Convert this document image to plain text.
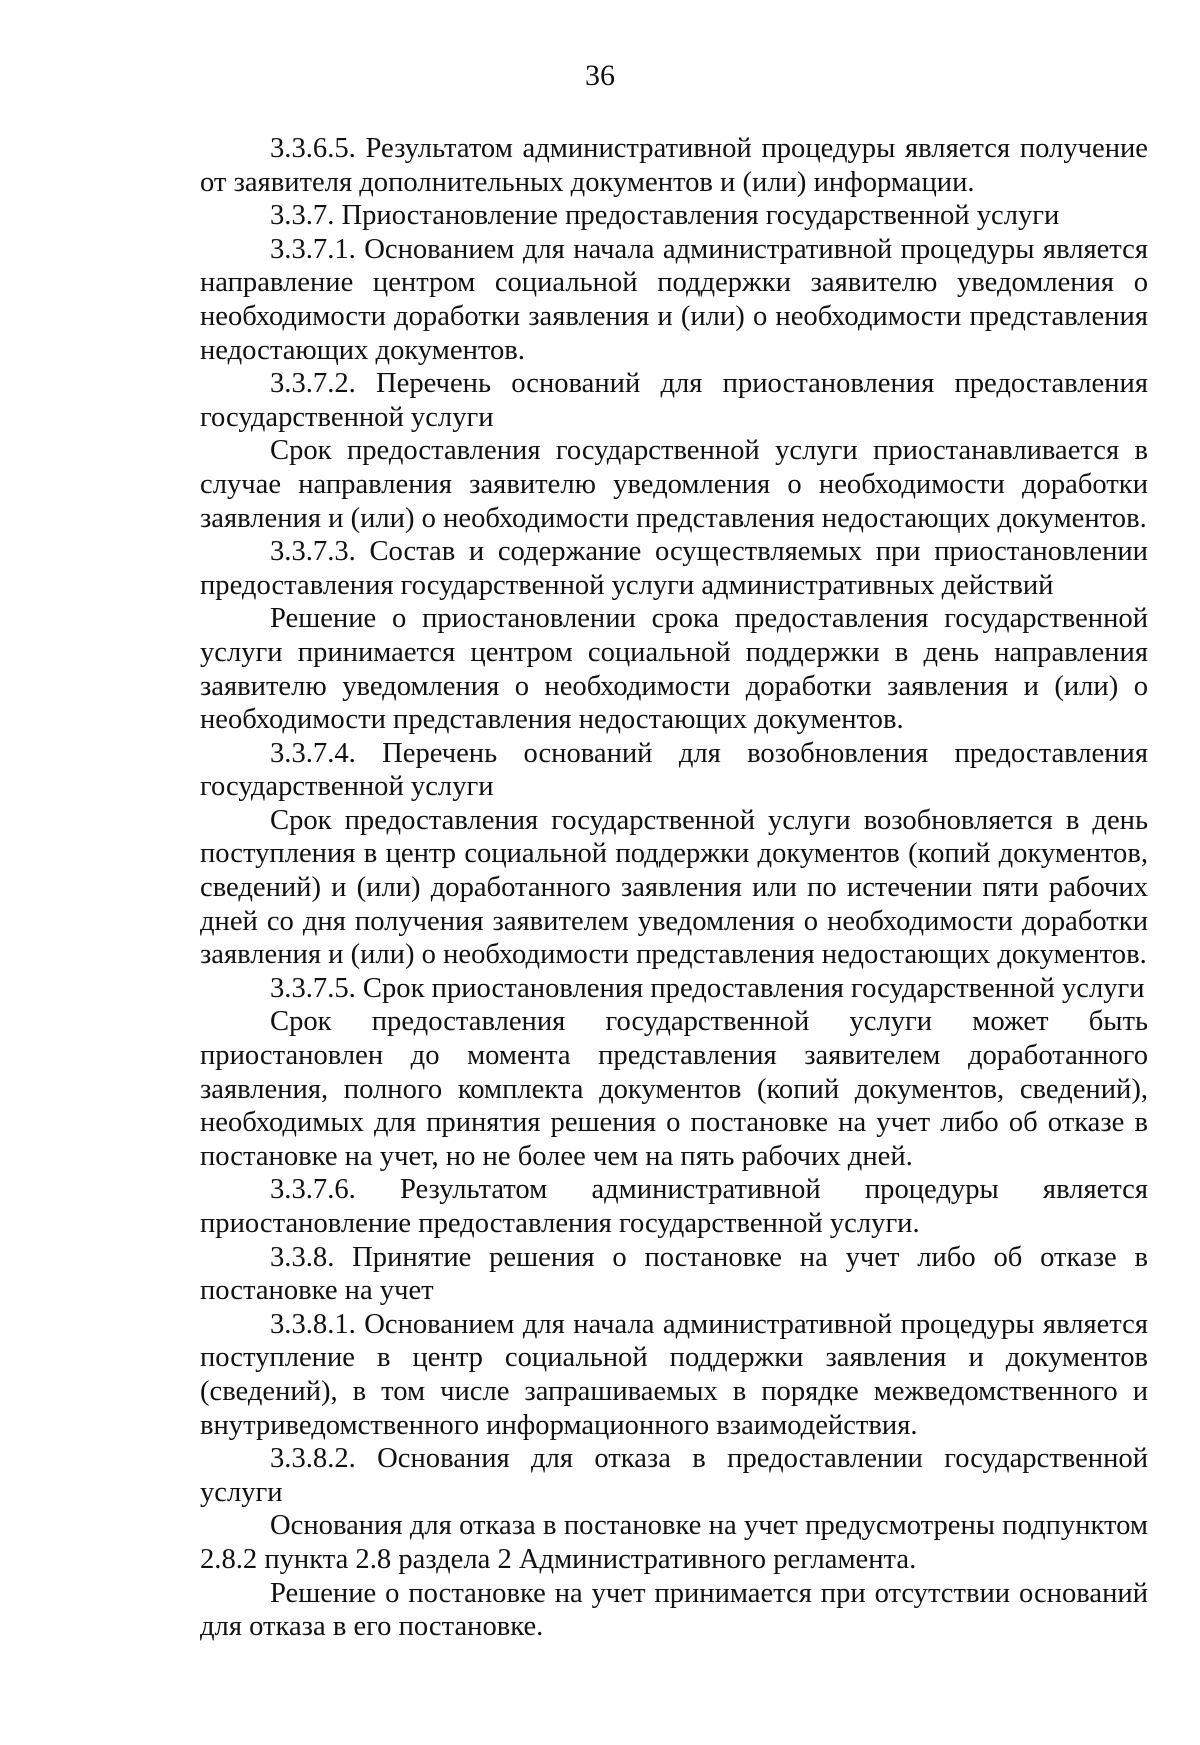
36

3.3.6.5. Результатом административной процедуры является получение от заявителя дополнительных документов и (или) информации.

3.3.7. Приостановление предоставления государственной услуги

3.3.7.1. Основанием для начала административной процедуры является направление центром социальной поддержки заявителю уведомления о необходимости доработки заявления и (или) о необходимости представления недостающих документов.

3.3.7.2. Перечень оснований для приостановления предоставления государственной услуги

Срок предоставления государственной услуги приостанавливается в случае направления заявителю уведомления о необходимости доработки заявления и (или) о необходимости представления недостающих документов.

3.3.7.3. Состав и содержание осуществляемых при приостановлении предоставления государственной услуги административных действий

Решение о приостановлении срока предоставления государственной услуги принимается центром социальной поддержки в день направления заявителю уведомления о необходимости доработки заявления и (или) о необходимости представления недостающих документов.

3.3.7.4. Перечень оснований для возобновления предоставления государственной услуги

Срок предоставления государственной услуги возобновляется в день поступления в центр социальной поддержки документов (копий документов, сведений) и (или) доработанного заявления или по истечении пяти рабочих дней со дня получения заявителем уведомления о необходимости доработки заявления и (или) о необходимости представления недостающих документов.

3.3.7.5. Срок приостановления предоставления государственной услуги

Срок предоставления государственной услуги может быть приостановлен до момента представления заявителем доработанного заявления, полного комплекта документов (копий документов, сведений), необходимых для принятия решения о постановке на учет либо об отказе в постановке на учет, но не более чем на пять рабочих дней.

3.3.7.6. Результатом административной процедуры является приостановление предоставления государственной услуги.

3.3.8. Принятие решения о постановке на учет либо об отказе в постановке на учет

3.3.8.1. Основанием для начала административной процедуры является поступление в центр социальной поддержки заявления и документов (сведений), в том числе запрашиваемых в порядке межведомственного и внутриведомственного информационного взаимодействия.

3.3.8.2. Основания для отказа в предоставлении государственной услуги

Основания для отказа в постановке на учет предусмотрены подпунктом 2.8.2 пункта 2.8 раздела 2 Административного регламента.

Решение о постановке на учет принимается при отсутствии оснований для отказа в его постановке.
